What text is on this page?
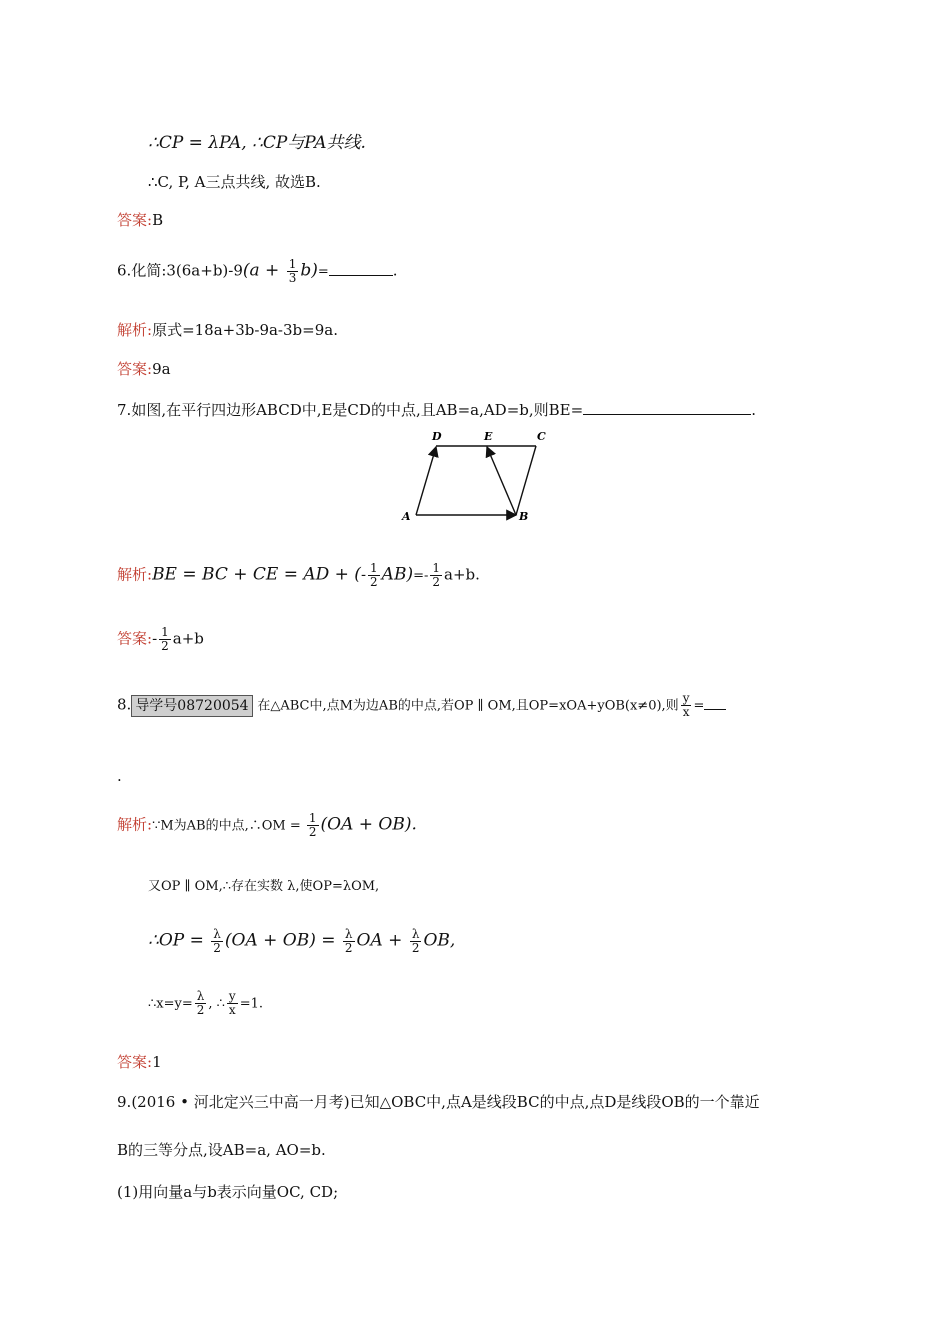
∴CP = λPA, ∴CP与PA共线.
∴C, P, A三点共线, 故选B.
答案:B
6.化简:3(6a+b)-9(a + $\frac{1}{3} b)=$	.
解析:原式=18a+3b-9a-3b=9a.
答案:9a
7.如图,在平行四边形ABCD中,E是CD的中点,且AB=a,AD=b,则BE=	.
D	E	C
A	B
解析:BE = BC + CE = AD + (- $\frac{1}{2} AB)=- \frac{1}{2} a+b$.
答案:- $\frac{1}{2} a+b$
8. 导学号08720054 在△ABC中,点M为边AB的中点,若OP ∥ OM,且OP=xOA+yOB(x≠0),则 $\frac{y}{x}$ =
.
解析:∵M为AB的中点,∴OM = $\frac{1}{2} (OA + OB)$.
又OP ∥ OM,∴存在实数 λ,使OP=λOM,
∴OP = $\frac{\lambda}{2} (OA + OB) = \frac{\lambda}{2}$ OA + $\frac{\lambda}{2}$ OB,
∴x=y= $\frac{\lambda}{2}$ , ∴ $\frac{y}{x} =1$.
答案:1
9.(2016 • 河北定兴三中高一月考)已知△OBC中,点A是线段BC的中点,点D是线段OB的一个靠近
B的三等分点,设AB=a, AO=b.
(1)用向量a与b表示向量OC, CD;
